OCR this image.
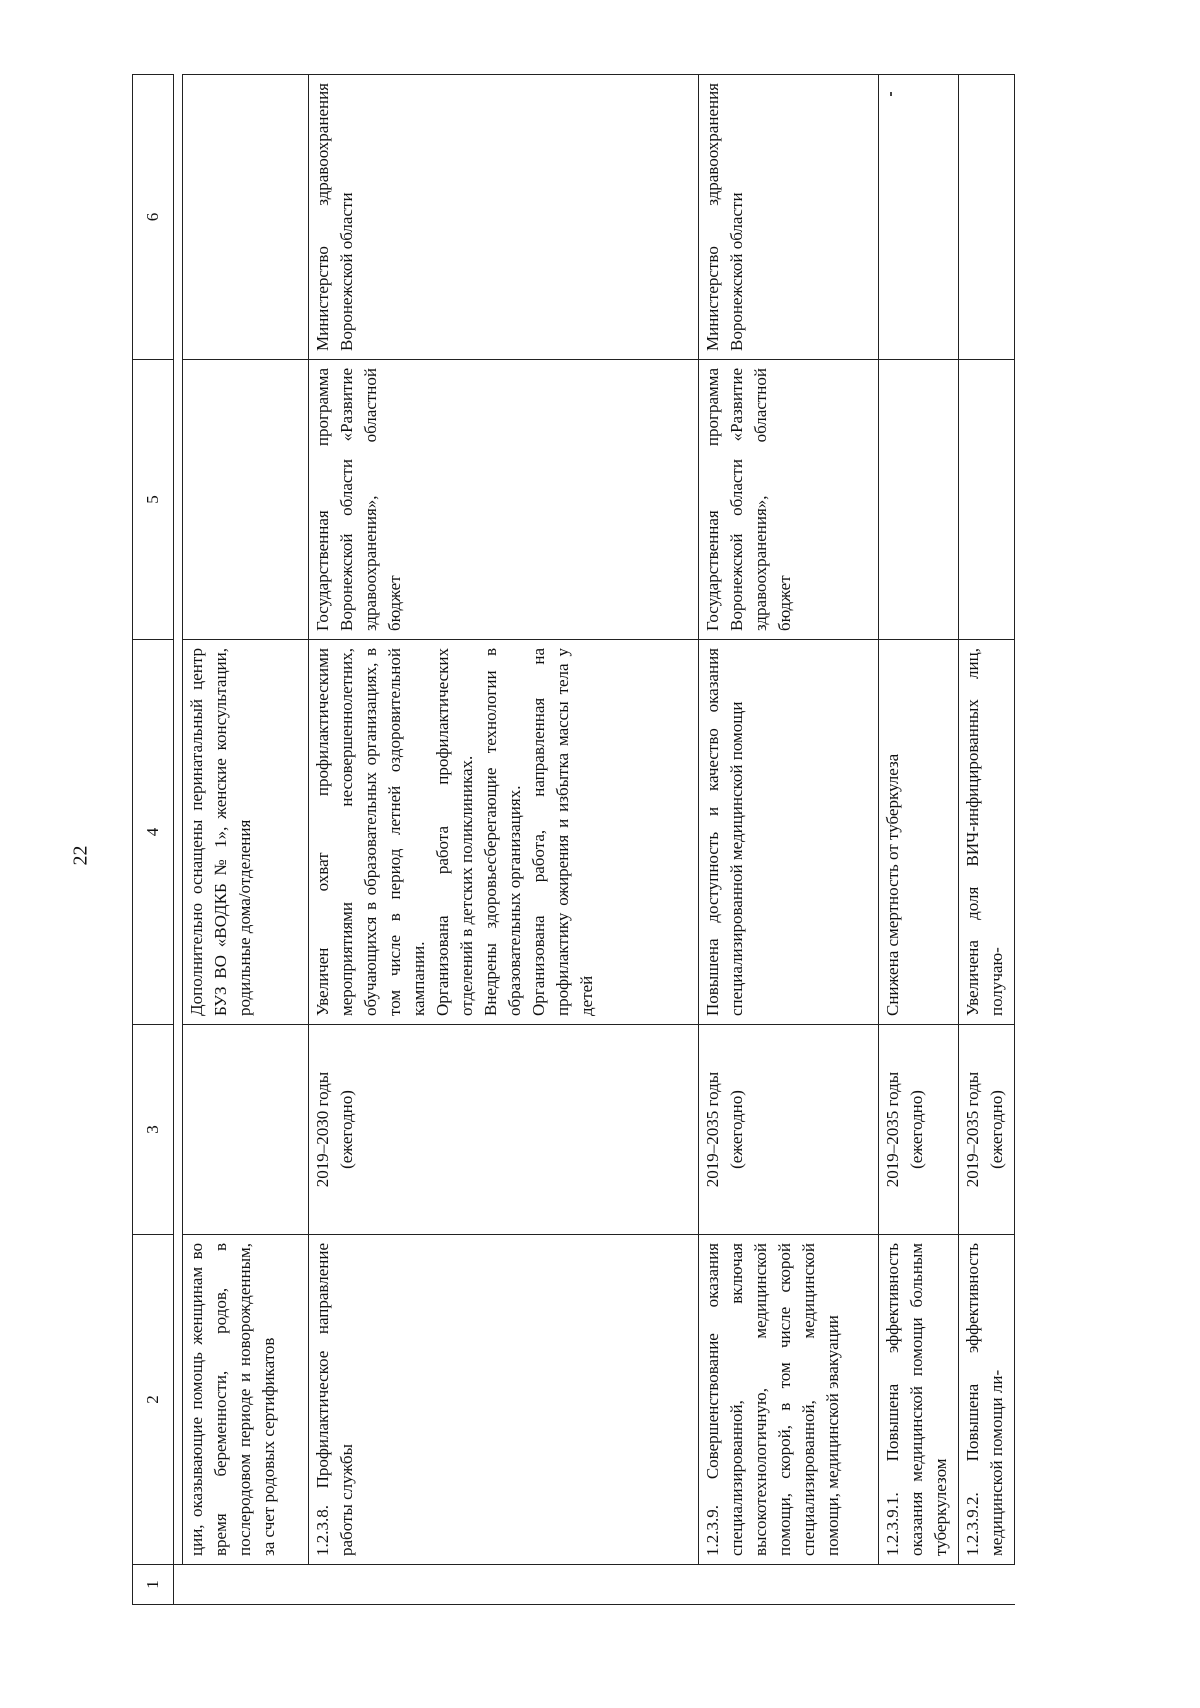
22
1	2	3	4	5	6

	ции, оказывающие помощь женщинам во время беременности, родов, в послеродовом периоде и новорожденным, за счет родовых сертификатов		Дополнительно оснащены перинатальный центр БУЗ ВО «ВОДКБ № 1», женские консультации, родильные дома/отделения		

	1.2.3.8. Профилактическое направление работы службы	2019–2030 годы (ежегодно)	Увеличен охват профилактическими мероприятиями несовершеннолетних, обучающихся в образовательных организациях, в том числе в период летней оздоровительной кампании. Организована работа профилактических отделений в детских поликлиниках. Внедрены здоровьесберегающие технологии в образовательных организациях. Организована работа, направленная на профилактику ожирения и избытка массы тела у детей	Государственная программа Воронежской области «Развитие здравоохранения», областной бюджет	Министерство здравоохранения Воронежской области
	1.2.3.9. Совершенствование оказания специализированной, включая высокотехнологичную, медицинской помощи, скорой, в том числе скорой специализированной, медицинской помощи, медицинской эвакуации	2019–2035 годы (ежегодно)	Повышена доступность и качество оказания специализированной медицинской помощи	Государственная программа Воронежской области «Развитие здравоохранения», областной бюджет	Министерство здравоохранения Воронежской области
	1.2.3.9.1. Повышена эффективность оказания медицинской помощи больным туберкулезом	2019–2035 годы (ежегодно)	Снижена смертность от туберкулеза		

	1.2.3.9.2. Повышена эффективность медицинской помощи ли-	2019–2035 годы (ежегодно)	Увеличена доля ВИЧ-инфицированных лиц, получаю-		
